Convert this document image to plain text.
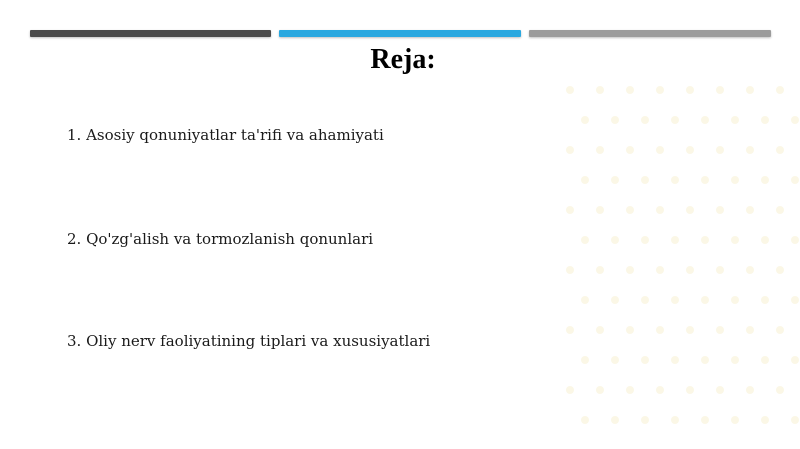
Reja:
1. Asosiy qonuniyatlar ta'rifi va ahamiyati
2. Qo'zg'alish va tormozlanish qonunlari
3. Oliy nerv faoliyatining tiplari va xususiyatlari
